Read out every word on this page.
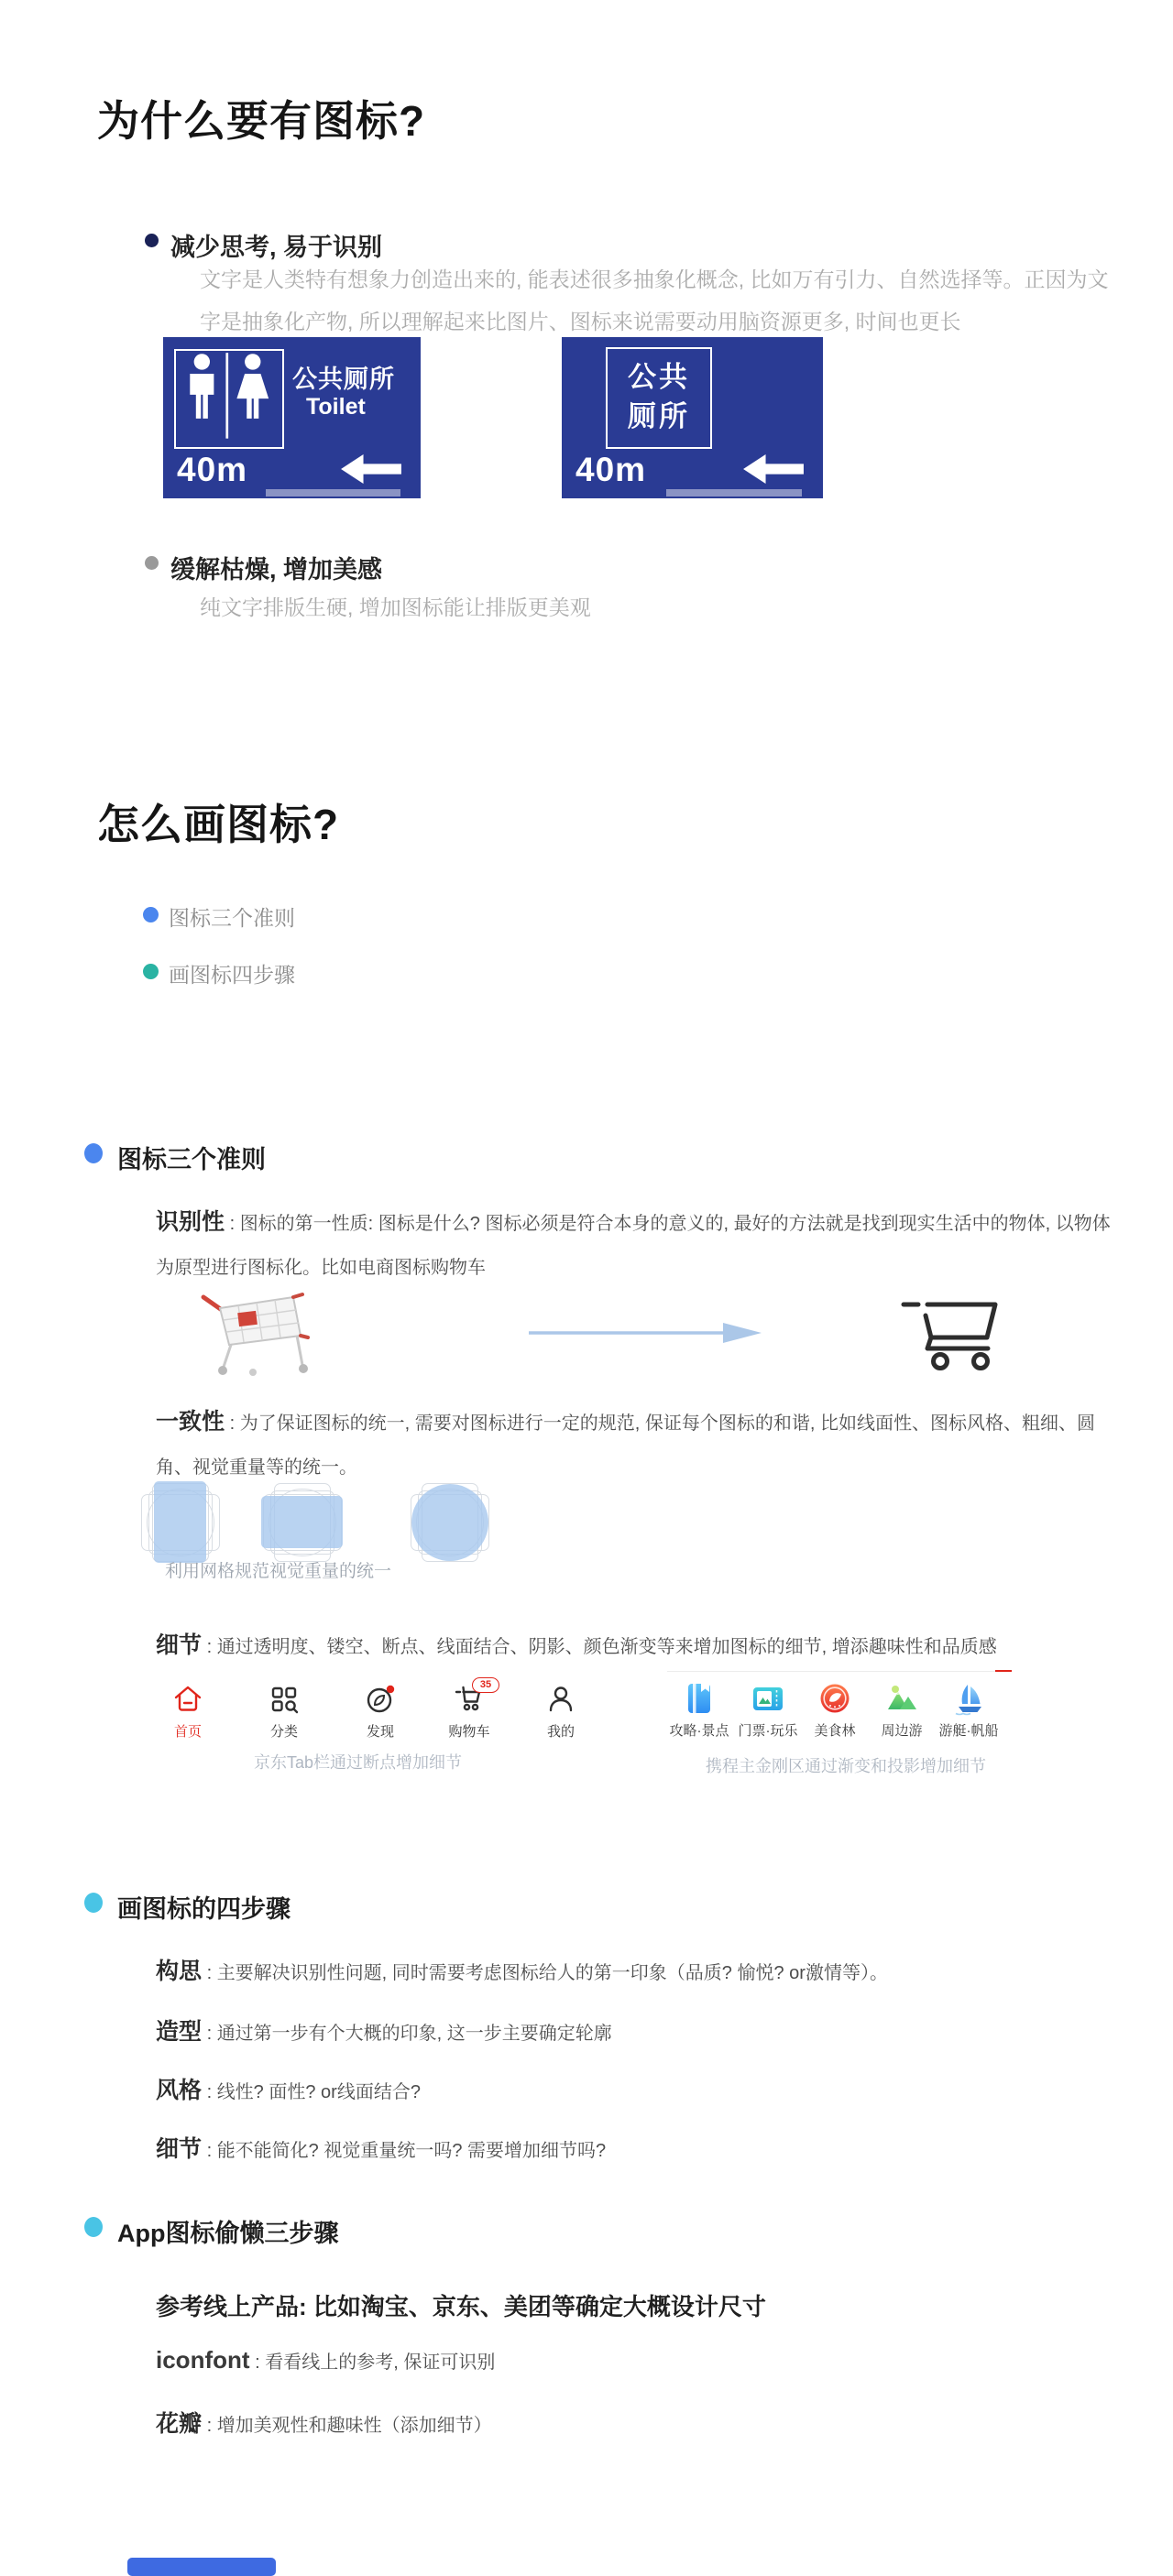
为什么要有图标?
减少思考, 易于识别
文字是人类特有想象力创造出来的, 能表述很多抽象化概念, 比如万有引力、自然选择等。正因为文字是抽象化产物, 所以理解起来比图片、图标来说需要动用脑资源更多, 时间也更长
公共厕所
Toilet
40m
公共
厕所
40m
缓解枯燥, 增加美感
纯文字排版生硬, 增加图标能让排版更美观
怎么画图标?
图标三个准则
画图标四步骤
图标三个准则
识别性 : 图标的第一性质: 图标是什么? 图标必须是符合本身的意义的, 最好的方法就是找到现实生活中的物体, 以物体为原型进行图标化。比如电商图标购物车
一致性 : 为了保证图标的统一, 需要对图标进行一定的规范, 保证每个图标的和谐, 比如线面性、图标风格、粗细、圆角、视觉重量等的统一。
利用网格规范视觉重量的统一
细节 : 通过透明度、镂空、断点、线面结合、阴影、颜色渐变等来增加图标的细节, 增添趣味性和品质感
首页	分类	发现
35
购物车	我的
京东Tab栏通过断点增加细节
攻略·景点 门票·玩乐	美食林	周边游	游艇·帆船
携程主金刚区通过渐变和投影增加细节
画图标的四步骤
构思 : 主要解决识别性问题, 同时需要考虑图标给人的第一印象（品质? 愉悦? or激情等）。
造型 : 通过第一步有个大概的印象, 这一步主要确定轮廓
风格 : 线性? 面性? or线面结合?
细节 : 能不能简化? 视觉重量统一吗? 需要增加细节吗?
App图标偷懒三步骤
参考线上产品: 比如淘宝、京东、美团等确定大概设计尺寸
iconfont : 看看线上的参考, 保证可识别
花瓣 : 增加美观性和趣味性（添加细节）
